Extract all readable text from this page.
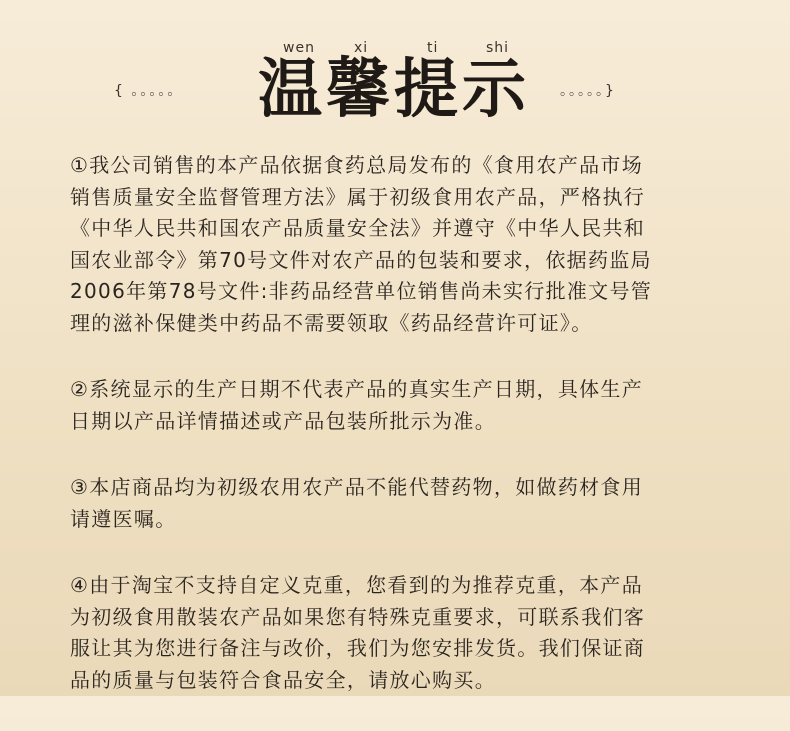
wen	xi	ti	shi
{ 。。。。。 温馨提示	。。。。。}
①我公司销售的本产品依据食药总局发布的《食用农产品市场
销售质量安全监督管理方法》属于初级食用农产品，严格执行
《中华人民共和国农产品质量安全法》并遵守《中华人民共和
国农业部令》第70号文件对农产品的包装和要求，依据药监局
2006年第78号文件:非药品经营单位销售尚未实行批准文号管
理的滋补保健类中药品不需要领取《药品经营许可证》。
②系统显示的生产日期不代表产品的真实生产日期，具体生产
日期以产品详情描述或产品包装所批示为准。
③本店商品均为初级农用农产品不能代替药物，如做药材食用
请遵医嘱。
④由于淘宝不支持自定义克重，您看到的为推荐克重，本产品
为初级食用散装农产品如果您有特殊克重要求，可联系我们客
服让其为您进行备注与改价，我们为您安排发货。我们保证商
品的质量与包装符合食品安全，请放心购买。
